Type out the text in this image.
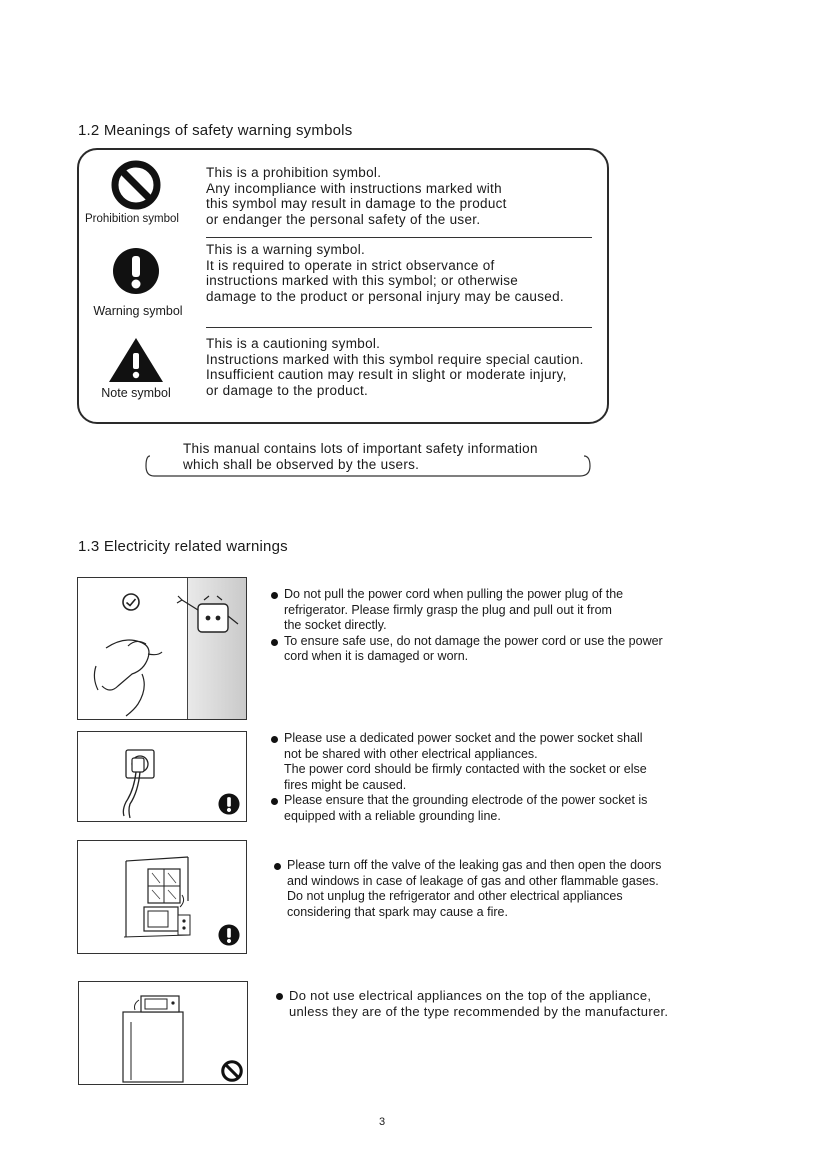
1.2 Meanings of safety warning symbols
Prohibition symbol
This is a prohibition symbol.
Any incompliance with instructions marked with
this symbol may result in damage to the product
or endanger the personal safety of the user.
Warning symbol
This is a warning symbol.
It is required to operate in strict observance of
instructions marked with this symbol; or otherwise
damage to the product or personal injury may be caused.
Note symbol
This is a cautioning symbol.
Instructions marked with this symbol require special caution.
Insufficient caution may result in slight or moderate injury,
or damage to the product.
This manual contains lots of important safety information
which shall be observed by the users.
1.3 Electricity related warnings
Do not pull the power cord when pulling the power plug of the
refrigerator. Please firmly grasp the plug and pull out it from
the socket directly.
To ensure safe use, do not damage the power cord or use the power
cord when it is damaged or worn.
Please use a dedicated power socket and the power socket shall
not be shared with other electrical appliances.
The power cord should be firmly contacted with the socket or else
fires might be caused.
Please ensure that the grounding electrode of the power socket is
equipped with a reliable grounding line.
Please turn off the valve of the leaking gas and then open the doors
and windows in case of leakage of gas and other flammable gases.
Do not unplug the refrigerator and other electrical appliances
considering that spark may cause a fire.
Do not use electrical appliances on the top of the appliance,
unless they are of the type recommended by the manufacturer.
3
